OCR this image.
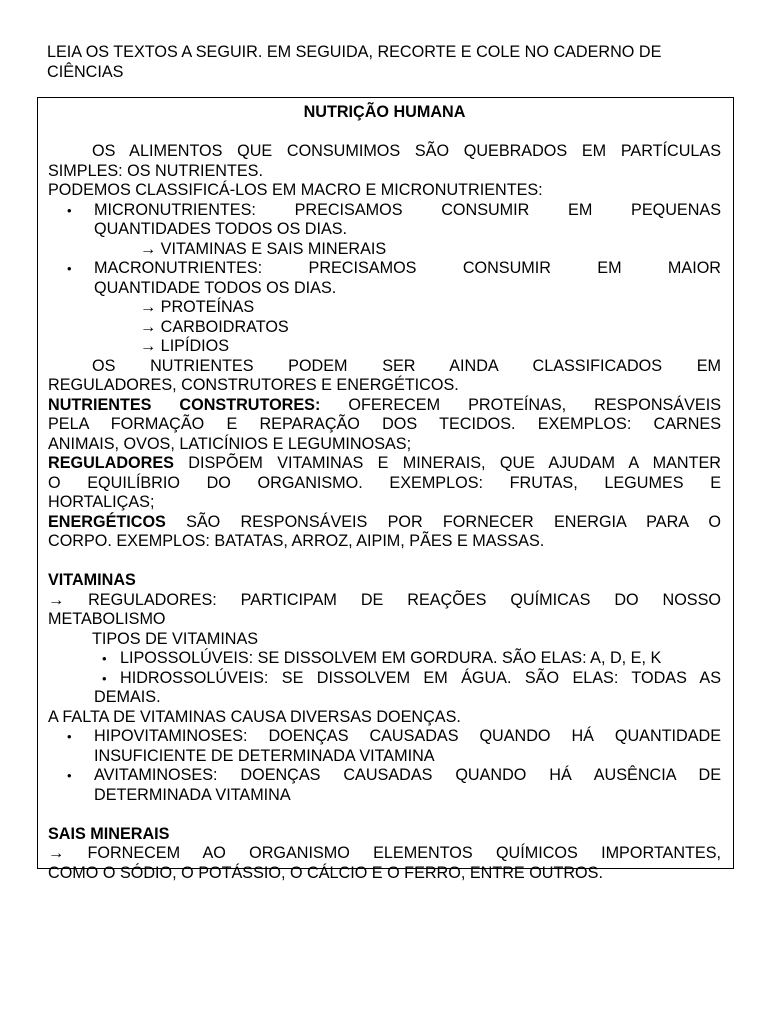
LEIA OS TEXTOS A SEGUIR. EM SEGUIDA, RECORTE E COLE NO CADERNO DE CIÊNCIAS
NUTRIÇÃO HUMANA
OS ALIMENTOS QUE CONSUMIMOS SÃO QUEBRADOS EM PARTÍCULAS
SIMPLES: OS NUTRIENTES.
PODEMOS CLASSIFICÁ-LOS EM MACRO E MICRONUTRIENTES:
• MICRONUTRIENTES: PRECISAMOS CONSUMIR EM PEQUENAS
QUANTIDADES TODOS OS DIAS.
→ VITAMINAS E SAIS MINERAIS
• MACRONUTRIENTES: PRECISAMOS CONSUMIR EM MAIOR
QUANTIDADE TODOS OS DIAS.
→ PROTEÍNAS
→ CARBOIDRATOS
→ LIPÍDIOS
OS NUTRIENTES PODEM SER AINDA CLASSIFICADOS EM
REGULADORES, CONSTRUTORES E ENERGÉTICOS.
NUTRIENTES CONSTRUTORES: OFERECEM PROTEÍNAS, RESPONSÁVEIS
PELA FORMAÇÃO E REPARAÇÃO DOS TECIDOS. EXEMPLOS: CARNES
ANIMAIS, OVOS, LATICÍNIOS E LEGUMINOSAS;
REGULADORES DISPÕEM VITAMINAS E MINERAIS, QUE AJUDAM A MANTER
O EQUILÍBRIO DO ORGANISMO. EXEMPLOS: FRUTAS, LEGUMES E
HORTALIÇAS;
ENERGÉTICOS SÃO RESPONSÁVEIS POR FORNECER ENERGIA PARA O
CORPO. EXEMPLOS: BATATAS, ARROZ, AIPIM, PÃES E MASSAS.
VITAMINAS
→ REGULADORES: PARTICIPAM DE REAÇÕES QUÍMICAS DO NOSSO
METABOLISMO
TIPOS DE VITAMINAS
• LIPOSSOLÚVEIS: SE DISSOLVEM EM GORDURA. SÃO ELAS: A, D, E, K
• HIDROSSOLÚVEIS: SE DISSOLVEM EM ÁGUA. SÃO ELAS: TODAS AS
DEMAIS.
A FALTA DE VITAMINAS CAUSA DIVERSAS DOENÇAS.
• HIPOVITAMINOSES: DOENÇAS CAUSADAS QUANDO HÁ QUANTIDADE
INSUFICIENTE DE DETERMINADA VITAMINA
• AVITAMINOSES: DOENÇAS CAUSADAS QUANDO HÁ AUSÊNCIA DE
DETERMINADA VITAMINA
SAIS MINERAIS
→ FORNECEM AO ORGANISMO ELEMENTOS QUÍMICOS IMPORTANTES,
COMO O SÓDIO, O POTÁSSIO, O CÁLCIO E O FERRO, ENTRE OUTROS.
